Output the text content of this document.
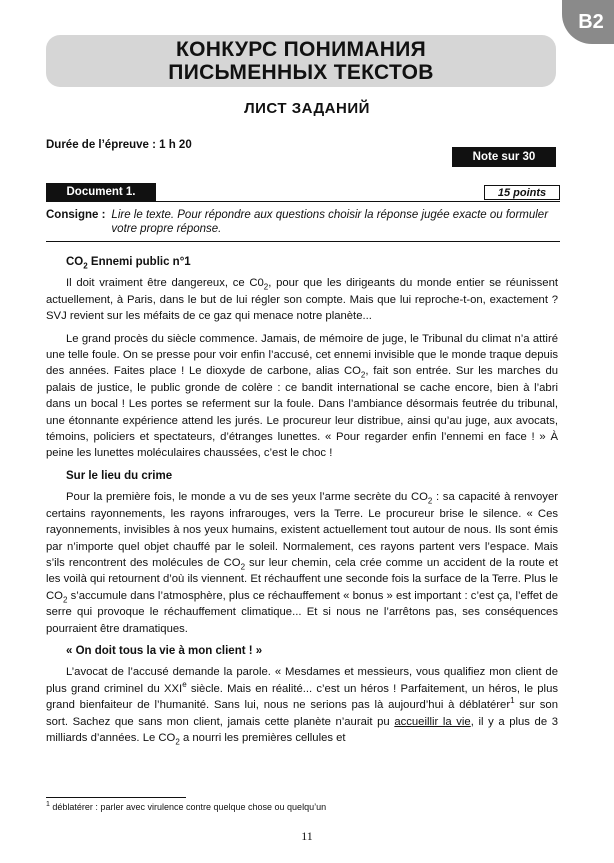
B2
КОНКУРС ПОНИМАНИЯ
ПИСЬМЕННЫХ ТЕКСТОВ
ЛИСТ ЗАДАНИЙ
Durée de l’épreuve : 1 h 20
Note sur 30
Document 1.	15 points
Consigne : Lire le texte. Pour répondre aux questions choisir la réponse jugée exacte ou formuler votre propre réponse.
$CO_2$ Ennemi public n°1

Il doit vraiment être dangereux, ce $C0_2$, pour que les dirigeants du monde entier se réunissent actuellement, à Paris, dans le but de lui régler son compte. Mais que lui reproche-t-on, exactement ? SVJ revient sur les méfaits de ce gaz qui menace notre planète...

Le grand procès du siècle commence. Jamais, de mémoire de juge, le Tribunal du climat n’a attiré une telle foule. On se presse pour voir enfin l’accusé, cet ennemi invisible que le monde traque depuis des années. Faites place ! Le dioxyde de carbone, alias $CO_2$, fait son entrée. Sur les marches du palais de justice, le public gronde de colère : ce bandit international se cache encore, bien à l’abri dans un bocal ! Les portes se referment sur la foule. Dans l’ambiance désormais feutrée du tribunal, une étonnante expérience attend les jurés. Le procureur leur distribue, ainsi qu’au juge, aux avocats, témoins, policiers et spectateurs, d’étranges lunettes. « Pour regarder enfin l’ennemi en face ! » À peine les lunettes moléculaires chaussées, c’est le choc !

Sur le lieu du crime

Pour la première fois, le monde a vu de ses yeux l’arme secrète du $CO_2$ : sa capacité à renvoyer certains rayonnements, les rayons infrarouges, vers la Terre. Le procureur brise le silence. « Ces rayonnements, invisibles à nos yeux humains, existent actuellement tout autour de nous. Ils sont émis par n’importe quel objet chauffé par le soleil. Normalement, ces rayons partent vers l’espace. Mais s’ils rencontrent des molécules de $CO_2$ sur leur chemin, cela crée comme un accident de la route et les voilà qui retournent d’où ils viennent. Et réchauffent une seconde fois la surface de la Terre. Plus le $CO_2$ s’accumule dans l’atmosphère, plus ce réchauffement « bonus » est important : c’est ça, l’effet de serre qui provoque le réchauffement climatique... Et si nous ne l’arrêtons pas, ses conséquences pourraient être dramatiques.

« On doit tous la vie à mon client ! »

L’avocat de l’accusé demande la parole. « Mesdames et messieurs, vous qualifiez mon client de plus grand criminel du XXIe siècle. Mais en réalité... c’est un héros ! Parfaitement, un héros, le plus grand bienfaiteur de l’humanité. Sans lui, nous ne serions pas là aujourd’hui à déblatérer$^1$ sur son sort. Sachez que sans mon client, jamais cette planète n’aurait pu accueillir la vie, il y a plus de 3 milliards d’années. Le $CO_2$ a nourri les premières cellules et

$^1$ déblatérer : parler avec virulence contre quelque chose ou quelqu’un
11
